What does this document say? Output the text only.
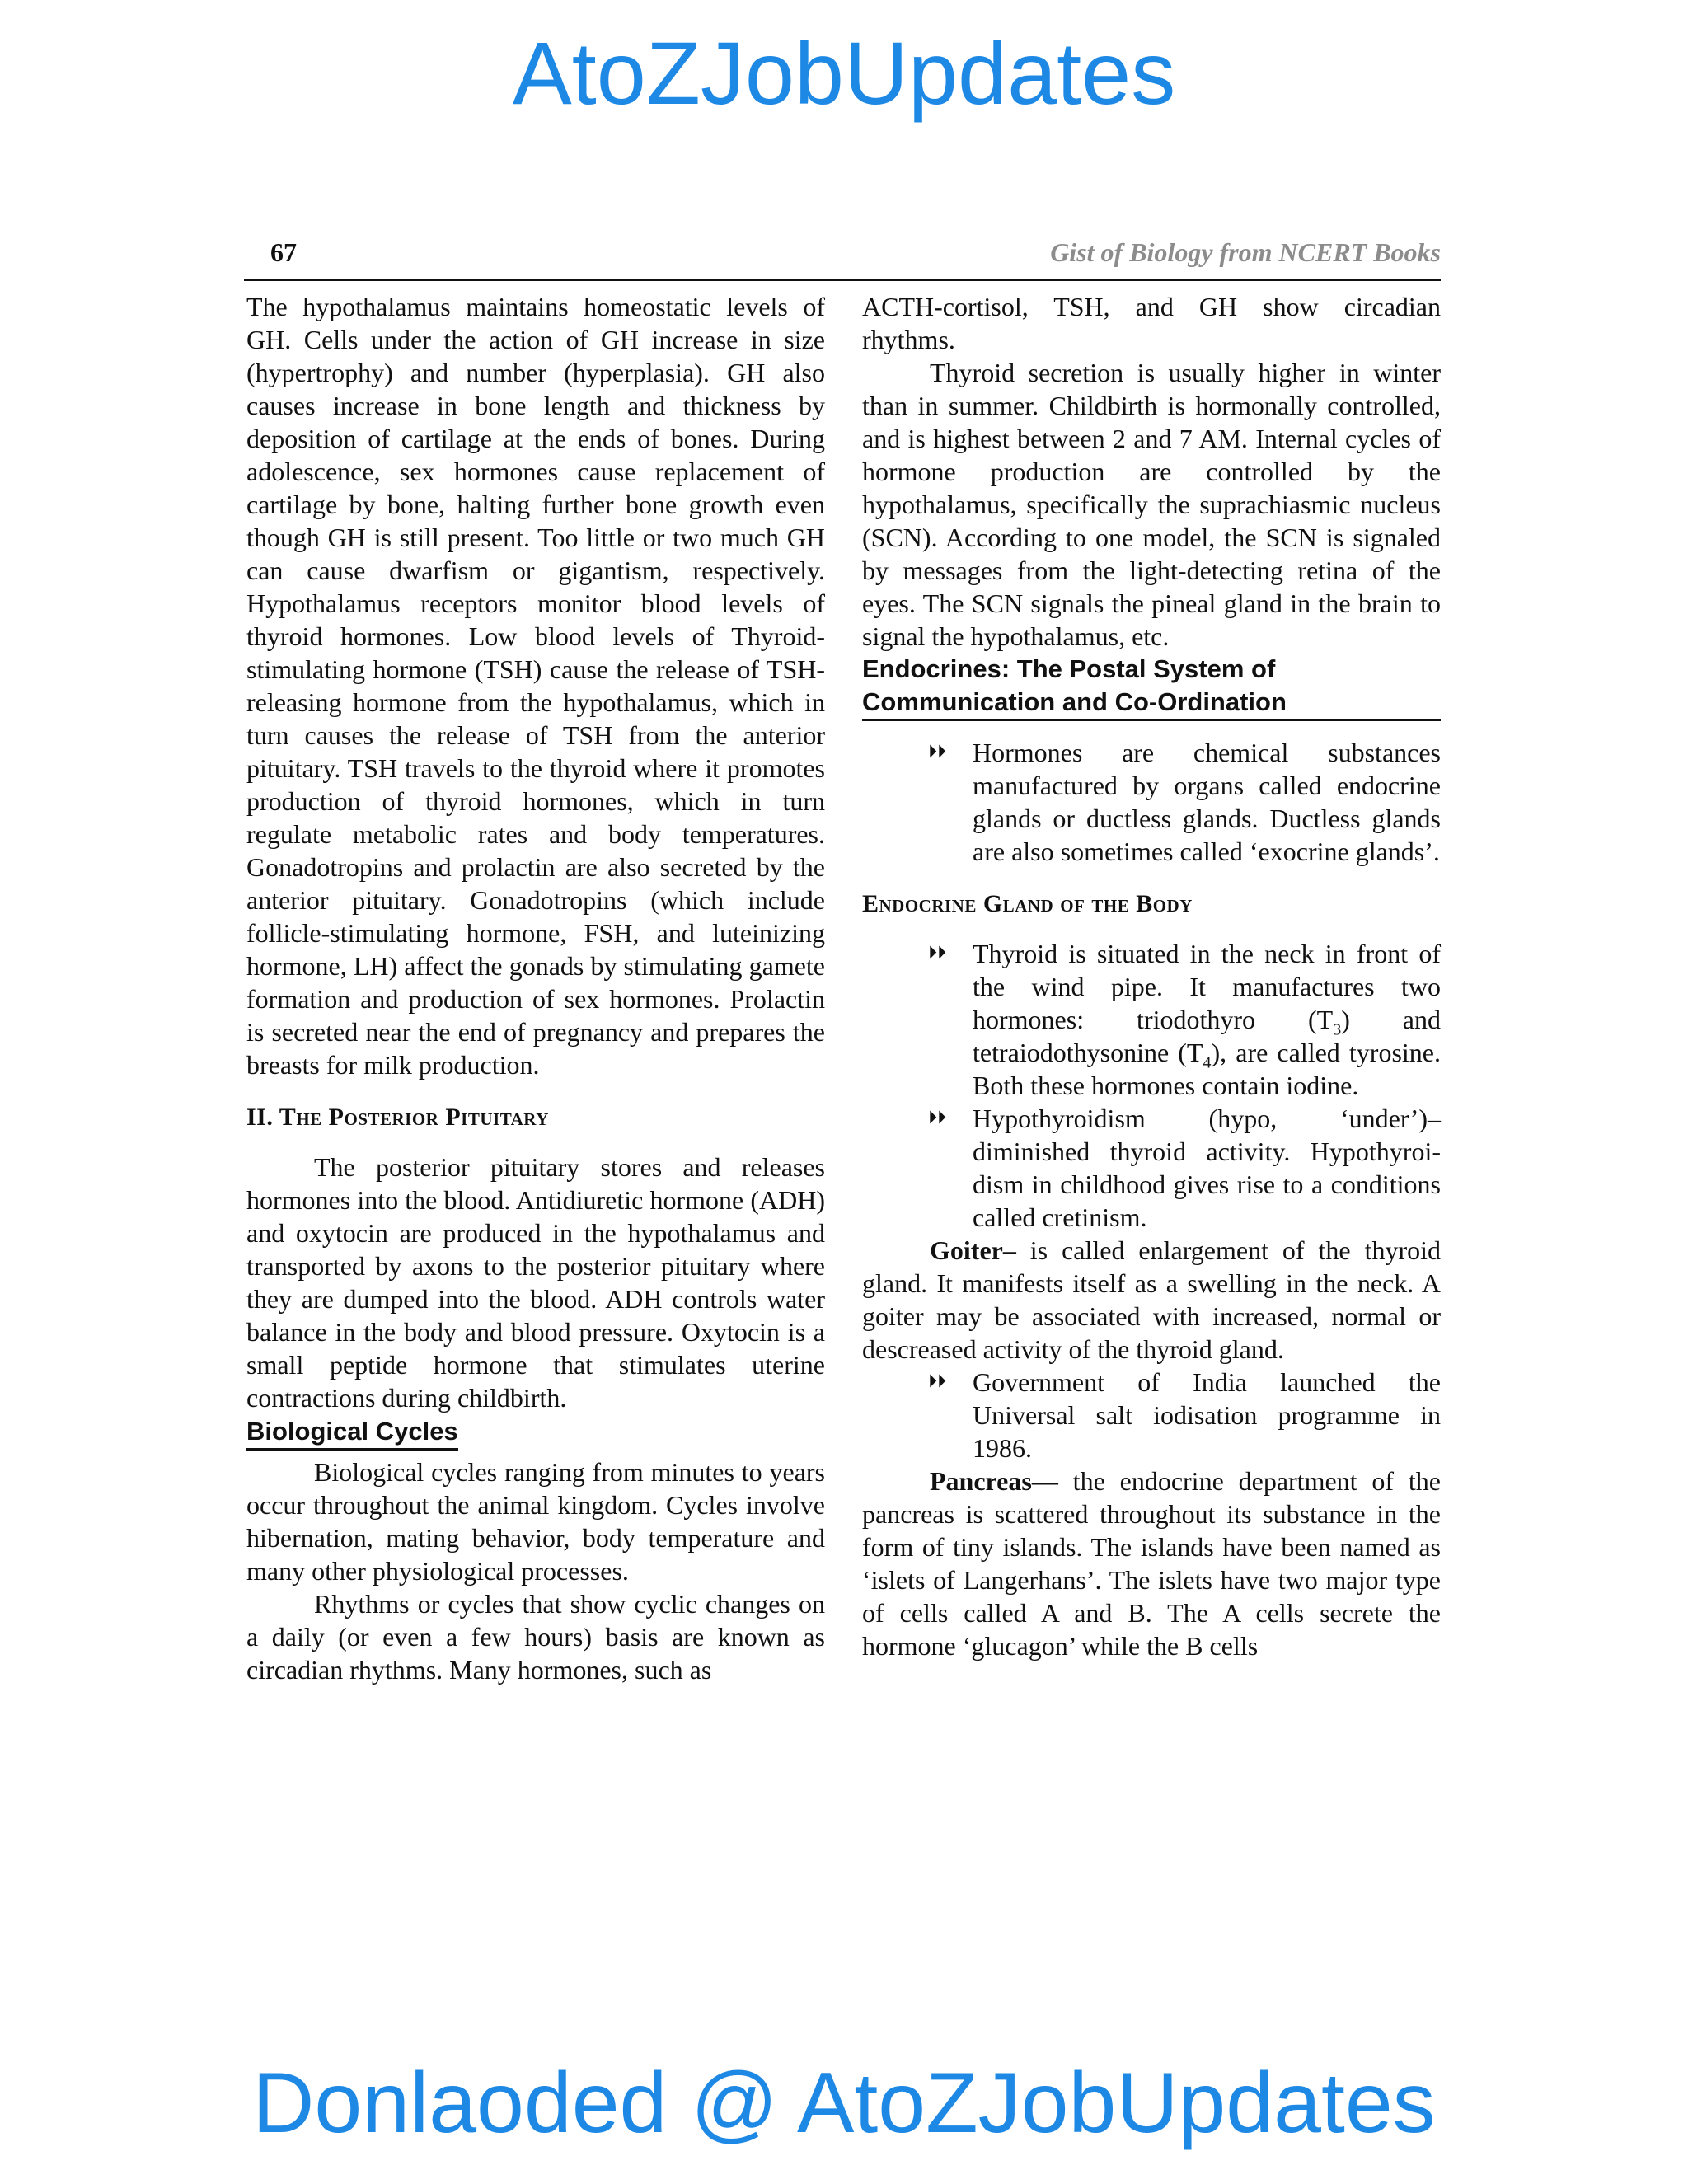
AtoZJobUpdates
67	Gist of Biology from NCERT Books

The hypothalamus maintains homeostatic levels of GH. Cells under the action of GH increase in size (hypertrophy) and number (hyperplasia). GH also causes increase in bone length and thickness by deposition of cartilage at the ends of bones. During adolescence, sex hormones cause replacement of cartilage by bone, halting further bone growth even though GH is still present. Too little or two much GH can cause dwarfism or gigantism, respectively. Hypothalamus receptors monitor blood levels of thyroid hormones. Low blood levels of Thyroid-stimulating hormone (TSH) cause the release of TSH-releasing hormone from the hypothalamus, which in turn causes the release of TSH from the anterior pituitary. TSH travels to the thyroid where it promotes production of thyroid hormones, which in turn regulate metabolic rates and body temperatures. Gonadotropins and prolactin are also secreted by the anterior pituitary. Gonadotropins (which include follicle-stimulating hormone, FSH, and luteinizing hormone, LH) affect the gonads by stimulating gamete formation and production of sex hormones. Prolactin is secreted near the end of pregnancy and prepares the breasts for milk production.

II. The Posterior Pituitary

The posterior pituitary stores and releases hormones into the blood. Antidiuretic hormone (ADH) and oxytocin are produced in the hypothalamus and transported by axons to the posterior pituitary where they are dumped into the blood. ADH controls water balance in the body and blood pressure. Oxytocin is a small peptide hormone that stimulates uterine contractions during childbirth.

Biological Cycles

Biological cycles ranging from minutes to years occur throughout the animal kingdom. Cycles involve hibernation, mating behavior, body temperature and many other physiological processes.

Rhythms or cycles that show cyclic changes on a daily (or even a few hours) basis are known as circadian rhythms. Many hormones, such as

ACTH-cortisol, TSH, and GH show circadian rhythms.

Thyroid secretion is usually higher in winter than in summer. Childbirth is hormonally controlled, and is highest between 2 and 7 AM. Internal cycles of hormone production are controlled by the hypothalamus, specifically the suprachiasmic nucleus (SCN). According to one model, the SCN is signaled by messages from the light-detecting retina of the eyes. The SCN signals the pineal gland in the brain to signal the hypothalamus, etc.

Endocrines: The Postal System of Communication and Co-Ordination

⏵⏵ Hormones are chemical substances manufactured by organs called endocrine glands or ductless glands. Ductless glands are also sometimes called ‘exocrine glands’.

Endocrine Gland of the Body

⏵⏵ Thyroid is situated in the neck in front of the wind pipe. It manufactures two hormones: triodothyro $(T_3)$ and tetraiodothysonine $(T_4)$, are called tyrosine. Both these hormones contain iodine.

⏵⏵ Hypothyroidism (hypo, ‘under’)– diminished thyroid activity. Hypothyroi-dism in childhood gives rise to a conditions called cretinism.

Goiter– is called enlargement of the thyroid gland. It manifests itself as a swelling in the neck. A goiter may be associated with increased, normal or descreased activity of the thyroid gland.

⏵⏵ Government of India launched the Universal salt iodisation programme in 1986.

Pancreas— the endocrine department of the pancreas is scattered throughout its substance in the form of tiny islands. The islands have been named as ‘islets of Langerhans’. The islets have two major type of cells called A and B. The A cells secrete the hormone ‘glucagon’ while the B cells

Donlaoded @ AtoZJobUpdates
